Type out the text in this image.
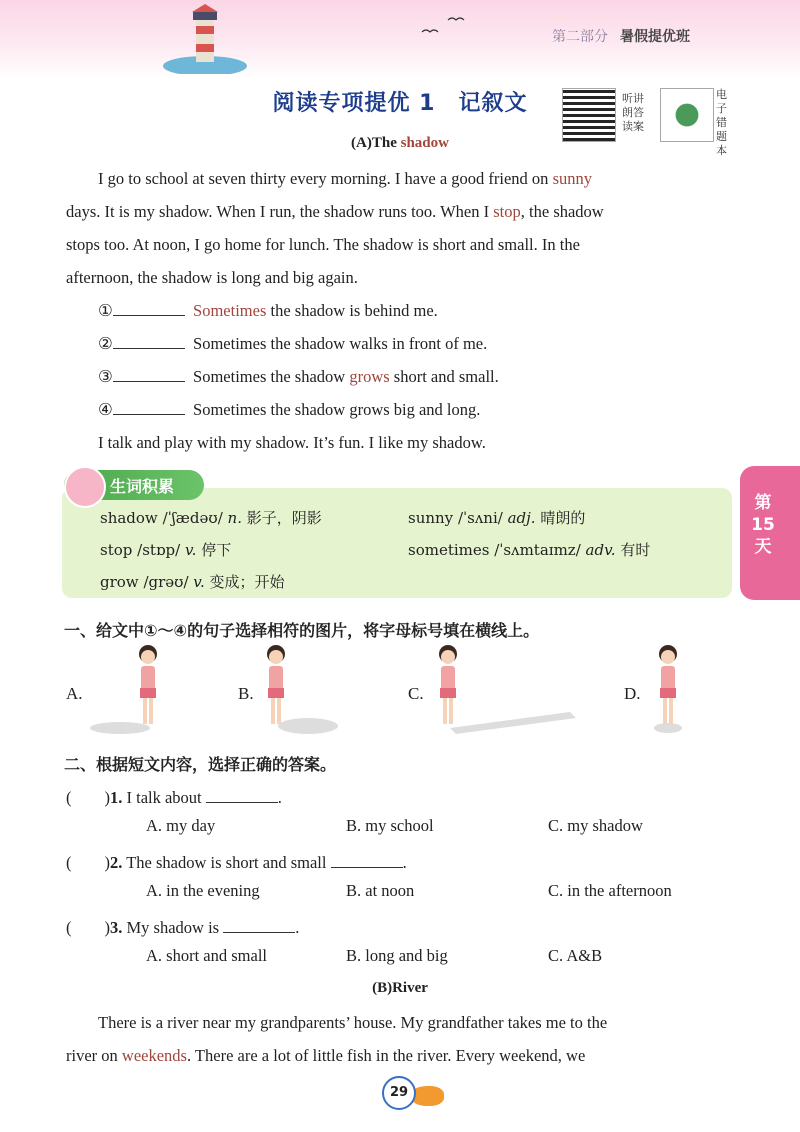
第二部分 暑假提优班
阅读专项提优 1　记叙文	听讲
朗答
读案
电子
错题
本
(A)The shadow
I go to school at seven thirty every morning. I have a good friend on sunny
days. It is my shadow. When I run, the shadow runs too. When I stop, the shadow
stops too. At noon, I go home for lunch. The shadow is short and small. In the
afternoon, the shadow is long and big again.
①	Sometimes the shadow is behind me.
②	Sometimes the shadow walks in front of me.
③	Sometimes the shadow grows short and small.
④	Sometimes the shadow grows big and long.
I talk and play with my shadow. It’s fun. I like my shadow.
生词积累
shadow /ˈʃædəʊ/ n. 影子，阴影	sunny /ˈsʌni/ adj. 晴朗的
stop /stɒp/ v. 停下	sometimes /ˈsʌmtaɪmz/ adv. 有时
grow /grəʊ/ v. 变成；开始
第
15
天
一、给文中①～④的句子选择相符的图片，将字母标号填在横线上。
A.	B.	C.	D.
二、根据短文内容，选择正确的答案。
(　　)1. I talk about	.
A. my day	B. my school	C. my shadow
(　　)2. The shadow is short and small	.
A. in the evening	B. at noon	C. in the afternoon
(　　)3. My shadow is	.
A. short and small	B. long and big	C. A&B
(B)River
There is a river near my grandparents’ house. My grandfather takes me to the
river on weekends. There are a lot of little fish in the river. Every weekend, we
29
